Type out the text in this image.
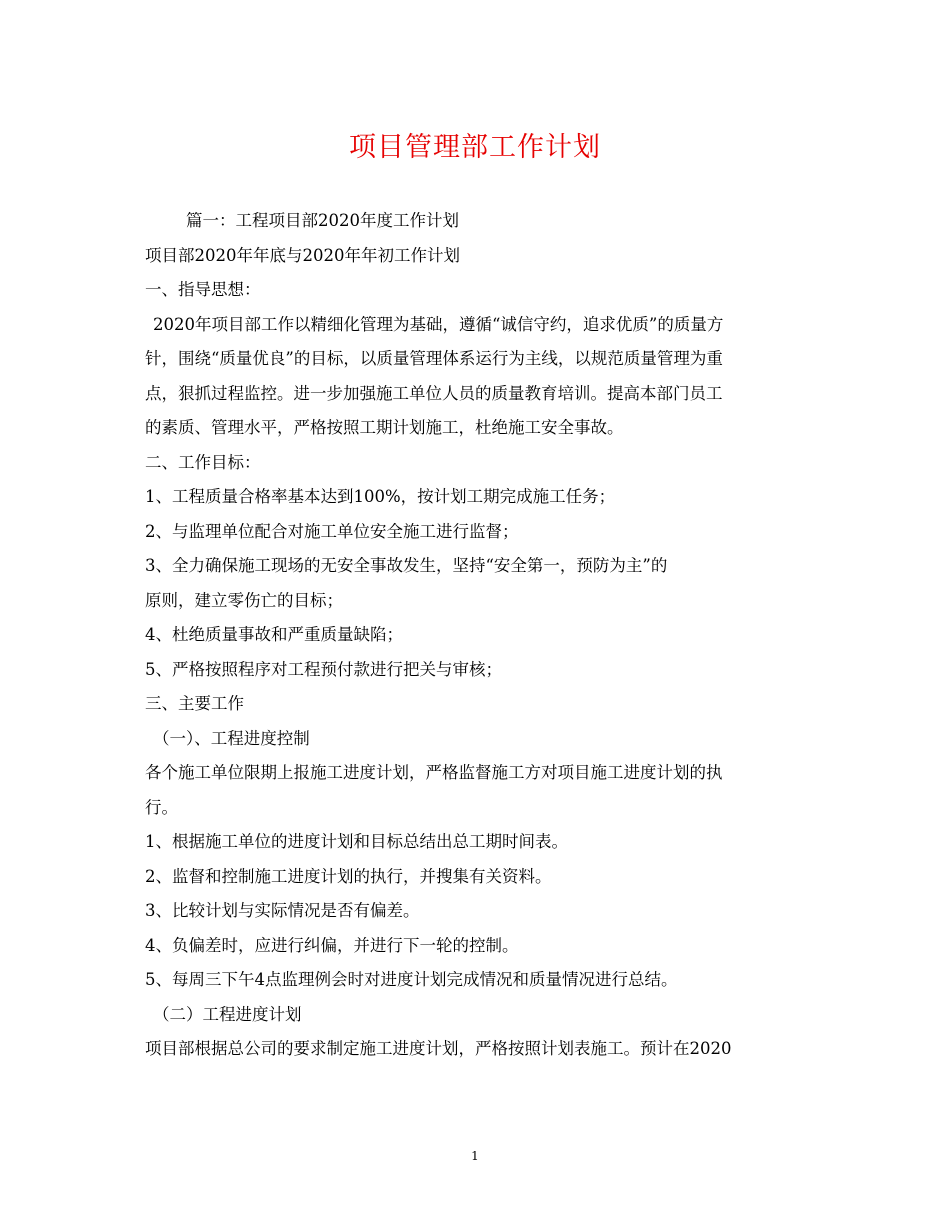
项目管理部工作计划
篇一：工程项目部2020年度工作计划
项目部2020年年底与2020年年初工作计划
一、指导思想：
2020年项目部工作以精细化管理为基础，遵循“诚信守约，追求优质”的质量方
针，围绕“质量优良”的目标，以质量管理体系运行为主线，以规范质量管理为重
点，狠抓过程监控。进一步加强施工单位人员的质量教育培训。提高本部门员工
的素质、管理水平，严格按照工期计划施工，杜绝施工安全事故。
二、工作目标：
1、工程质量合格率基本达到100%，按计划工期完成施工任务；
2、与监理单位配合对施工单位安全施工进行监督；
3、全力确保施工现场的无安全事故发生，坚持“安全第一，预防为主”的
原则，建立零伤亡的目标；
4、杜绝质量事故和严重质量缺陷；
5、严格按照程序对工程预付款进行把关与审核；
三、主要工作
（一）、工程进度控制
各个施工单位限期上报施工进度计划，严格监督施工方对项目施工进度计划的执
行。
1、根据施工单位的进度计划和目标总结出总工期时间表。
2、监督和控制施工进度计划的执行，并搜集有关资料。
3、比较计划与实际情况是否有偏差。
4、负偏差时，应进行纠偏，并进行下一轮的控制。
5、每周三下午4点监理例会时对进度计划完成情况和质量情况进行总结。
（二）工程进度计划
项目部根据总公司的要求制定施工进度计划，严格按照计划表施工。预计在2020
1
